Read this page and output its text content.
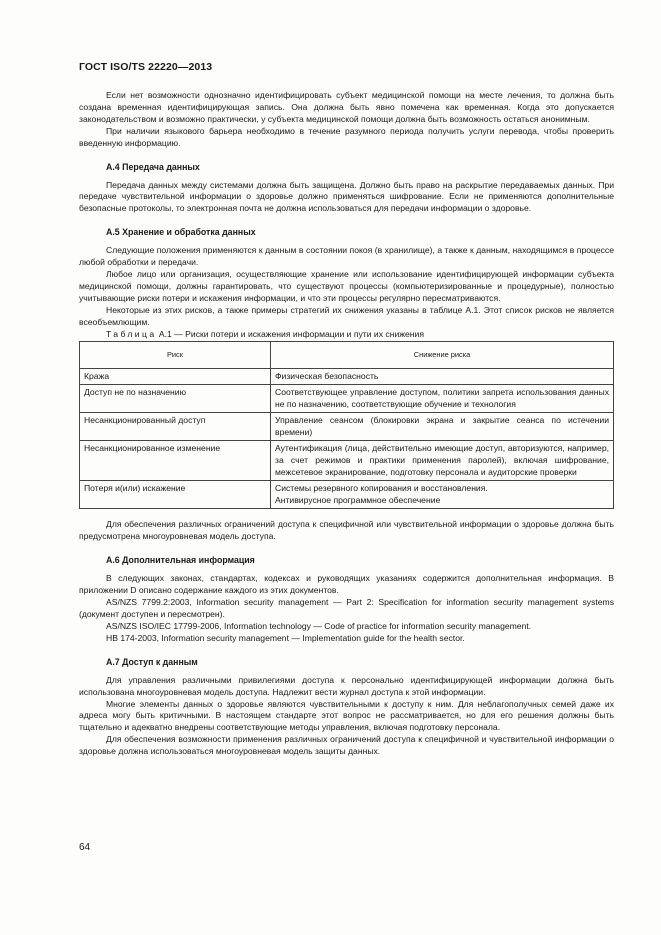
ГОСТ ISO/TS 22220—2013

Если нет возможности однозначно идентифицировать субъект медицинской помощи на месте лечения, то должна быть создана временная идентифицирующая запись. Она должна быть явно помечена как временная. Когда это допускается законодательством и возможно практически, у субъекта медицинской помощи должна быть возможность остаться анонимным.

При наличии языкового барьера необходимо в течение разумного периода получить услуги перевода, чтобы проверить введенную информацию.

А.4 Передача данных

Передача данных между системами должна быть защищена. Должно быть право на раскрытие передаваемых данных. При передаче чувствительной информации о здоровье должно применяться шифрование. Если не применяются дополнительные безопасные протоколы, то электронная почта не должна использоваться для передачи информации о здоровье.

А.5 Хранение и обработка данных

Следующие положения применяются к данным в состоянии покоя (в хранилище), а также к данным, находящимся в процессе любой обработки и передачи.

Любое лицо или организация, осуществляющие хранение или использование идентифицирующей информации субъекта медицинской помощи, должны гарантировать, что существуют процессы (компьютеризированные и процедурные), полностью учитывающие риски потери и искажения информации, и что эти процессы регулярно пересматриваются.

Некоторые из этих рисков, а также примеры стратегий их снижения указаны в таблице А.1. Этот список рисков не является всеобъемлющим.

Таблица А.1 — Риски потери и искажения информации и пути их снижения

Риск	Снижение риска
Кража	Физическая безопасность
Доступ не по назначению	Соответствующее управление доступом, политики запрета использования данных не по назначению, соответствующие обучение и технология
Несанкционированный доступ	Управление сеансом (блокировки экрана и закрытие сеанса по истечении времени)
Несанкционированное изменение	Аутентификация (лица, действительно имеющие доступ, авторизуются, например, за счет режимов и практики применения паролей), включая шифрование, межсетевое экранирование, подготовку персонала и аудиторские проверки
Потеря и(или) искажение	Системы резервного копирования и восстановления.
Антивирусное программное обеспечение

Для обеспечения различных ограничений доступа к специфичной или чувствительной информации о здоровье должна быть предусмотрена многоуровневая модель доступа.

А.6 Дополнительная информация

В следующих законах, стандартах, кодексах и руководящих указаниях содержится дополнительная информация. В приложении D описано содержание каждого из этих документов.

AS/NZS 7799.2:2003, Information security management — Part 2: Specification for information security management systems (документ доступен и пересмотрен).

AS/NZS ISO/IEC 17799-2006, Information technology — Code of practice for information security management.

HB 174-2003, Information security management — Implementation guide for the health sector.

А.7 Доступ к данным

Для управления различными привилегиями доступа к персонально идентифицирующей информации должна быть использована многоуровневая модель доступа. Надлежит вести журнал доступа к этой информации.

Многие элементы данных о здоровье являются чувствительными к доступу к ним. Для неблагополучных семей даже их адреса могу быть критичными. В настоящем стандарте этот вопрос не рассматривается, но для его решения должны быть тщательно и адекватно внедрены соответствующие методы управления, включая подготовку персонала.

Для обеспечения возможности применения различных ограничений доступа к специфичной и чувствительной информации о здоровье должна использоваться многоуровневая модель защиты данных.

64
